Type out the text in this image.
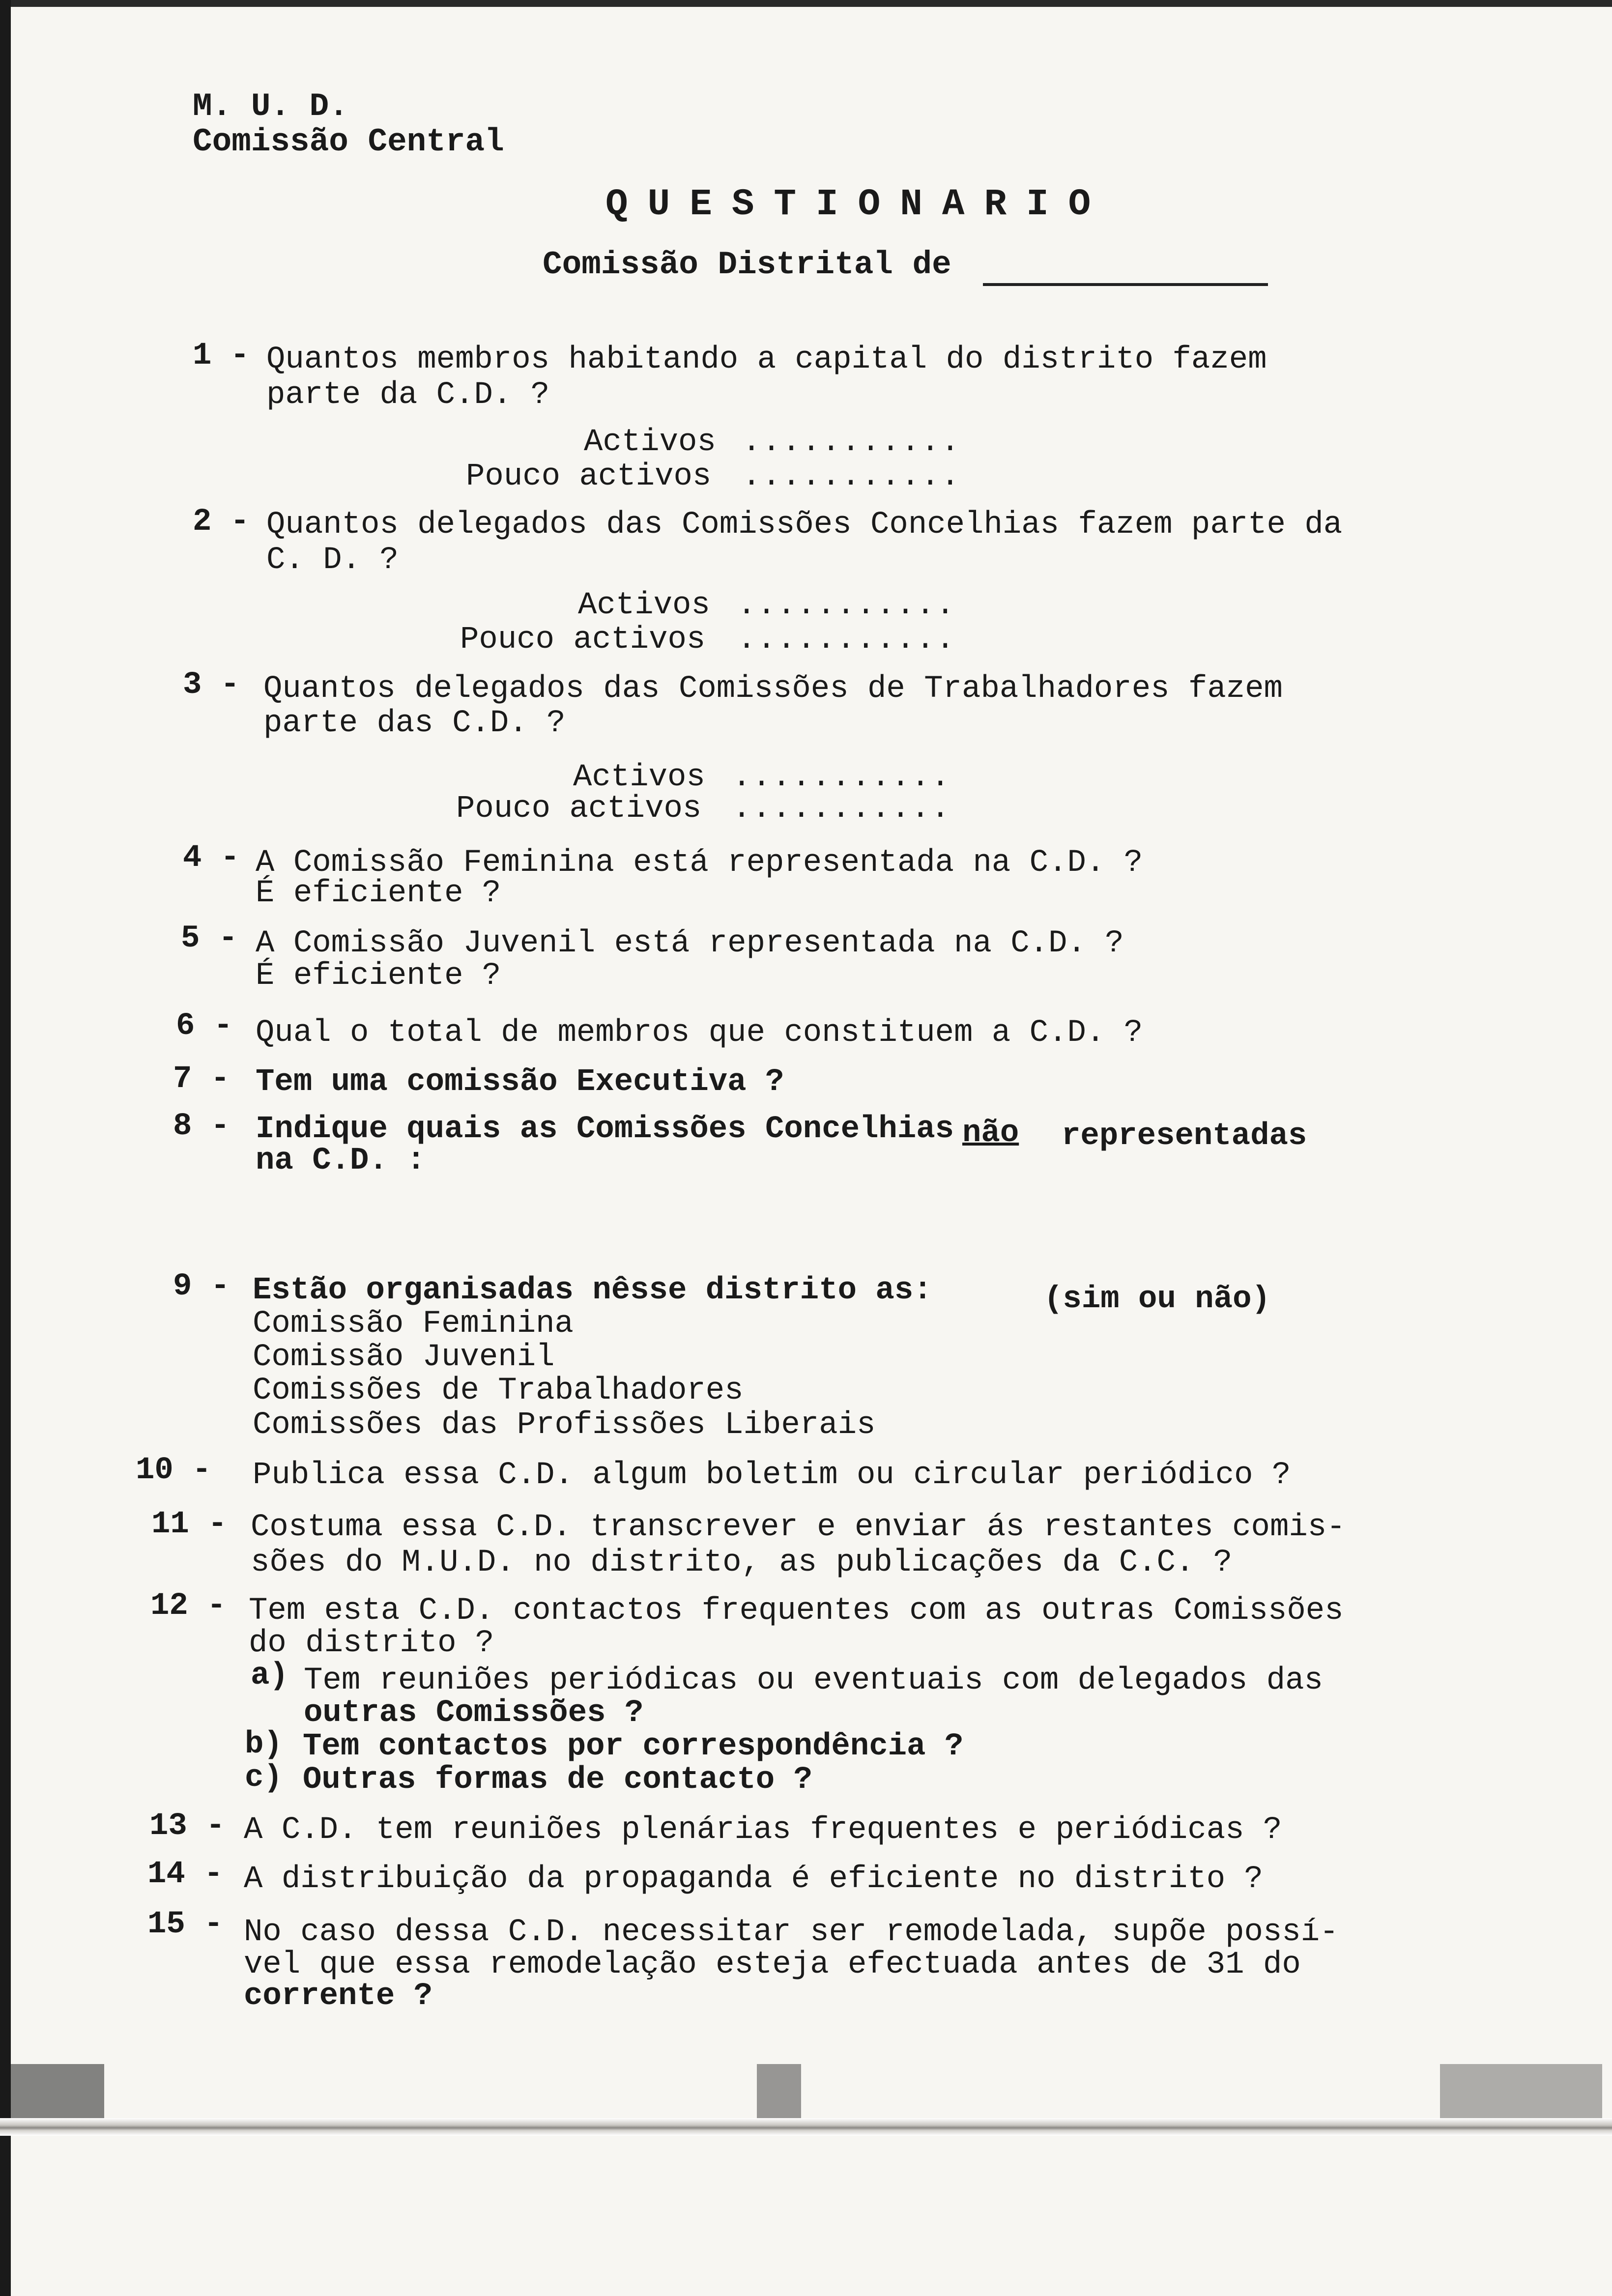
M. U. D.
Comissão Central
QUESTIONARIO
Comissão Distrital de
1 - Quantos membros habitando a capital do distrito fazem
parte da C.D. ?
Activos ...........
Pouco activos ...........
2 - Quantos delegados das Comissões Concelhias fazem parte da
C. D. ?
Activos ...........
Pouco activos ...........
3 - Quantos delegados das Comissões de Trabalhadores fazem
parte das C.D. ?
Activos ...........
Pouco activos ...........
4 - A Comissão Feminina está representada na C.D. ?
É eficiente ?
5 - A Comissão Juvenil está representada na C.D. ?
É eficiente ?
6 - Qual o total de membros que constituem a C.D. ?
7 - Tem uma comissão Executiva ?
8 - Indique quais as Comissões Concelhias não representadas
na C.D. :
9 - Estão organisadas nêsse distrito as:	(sim ou não)
Comissão Feminina
Comissão Juvenil
Comissões de Trabalhadores
Comissões das Profissões Liberais
10 - Publica essa C.D. algum boletim ou circular periódico ?
11 - Costuma essa C.D. transcrever e enviar ás restantes comis-
sões do M.U.D. no distrito, as publicações da C.C. ?
12 - Tem esta C.D. contactos frequentes com as outras Comissões
do distrito ?
a) Tem reuniões periódicas ou eventuais com delegados das
outras Comissões ?
b) Tem contactos por correspondência ?
c) Outras formas de contacto ?
13 - A C.D. tem reuniões plenárias frequentes e periódicas ?
14 - A distribuição da propaganda é eficiente no distrito ?
15 - No caso dessa C.D. necessitar ser remodelada, supõe possí-
vel que essa remodelação esteja efectuada antes de 31 do
corrente ?
